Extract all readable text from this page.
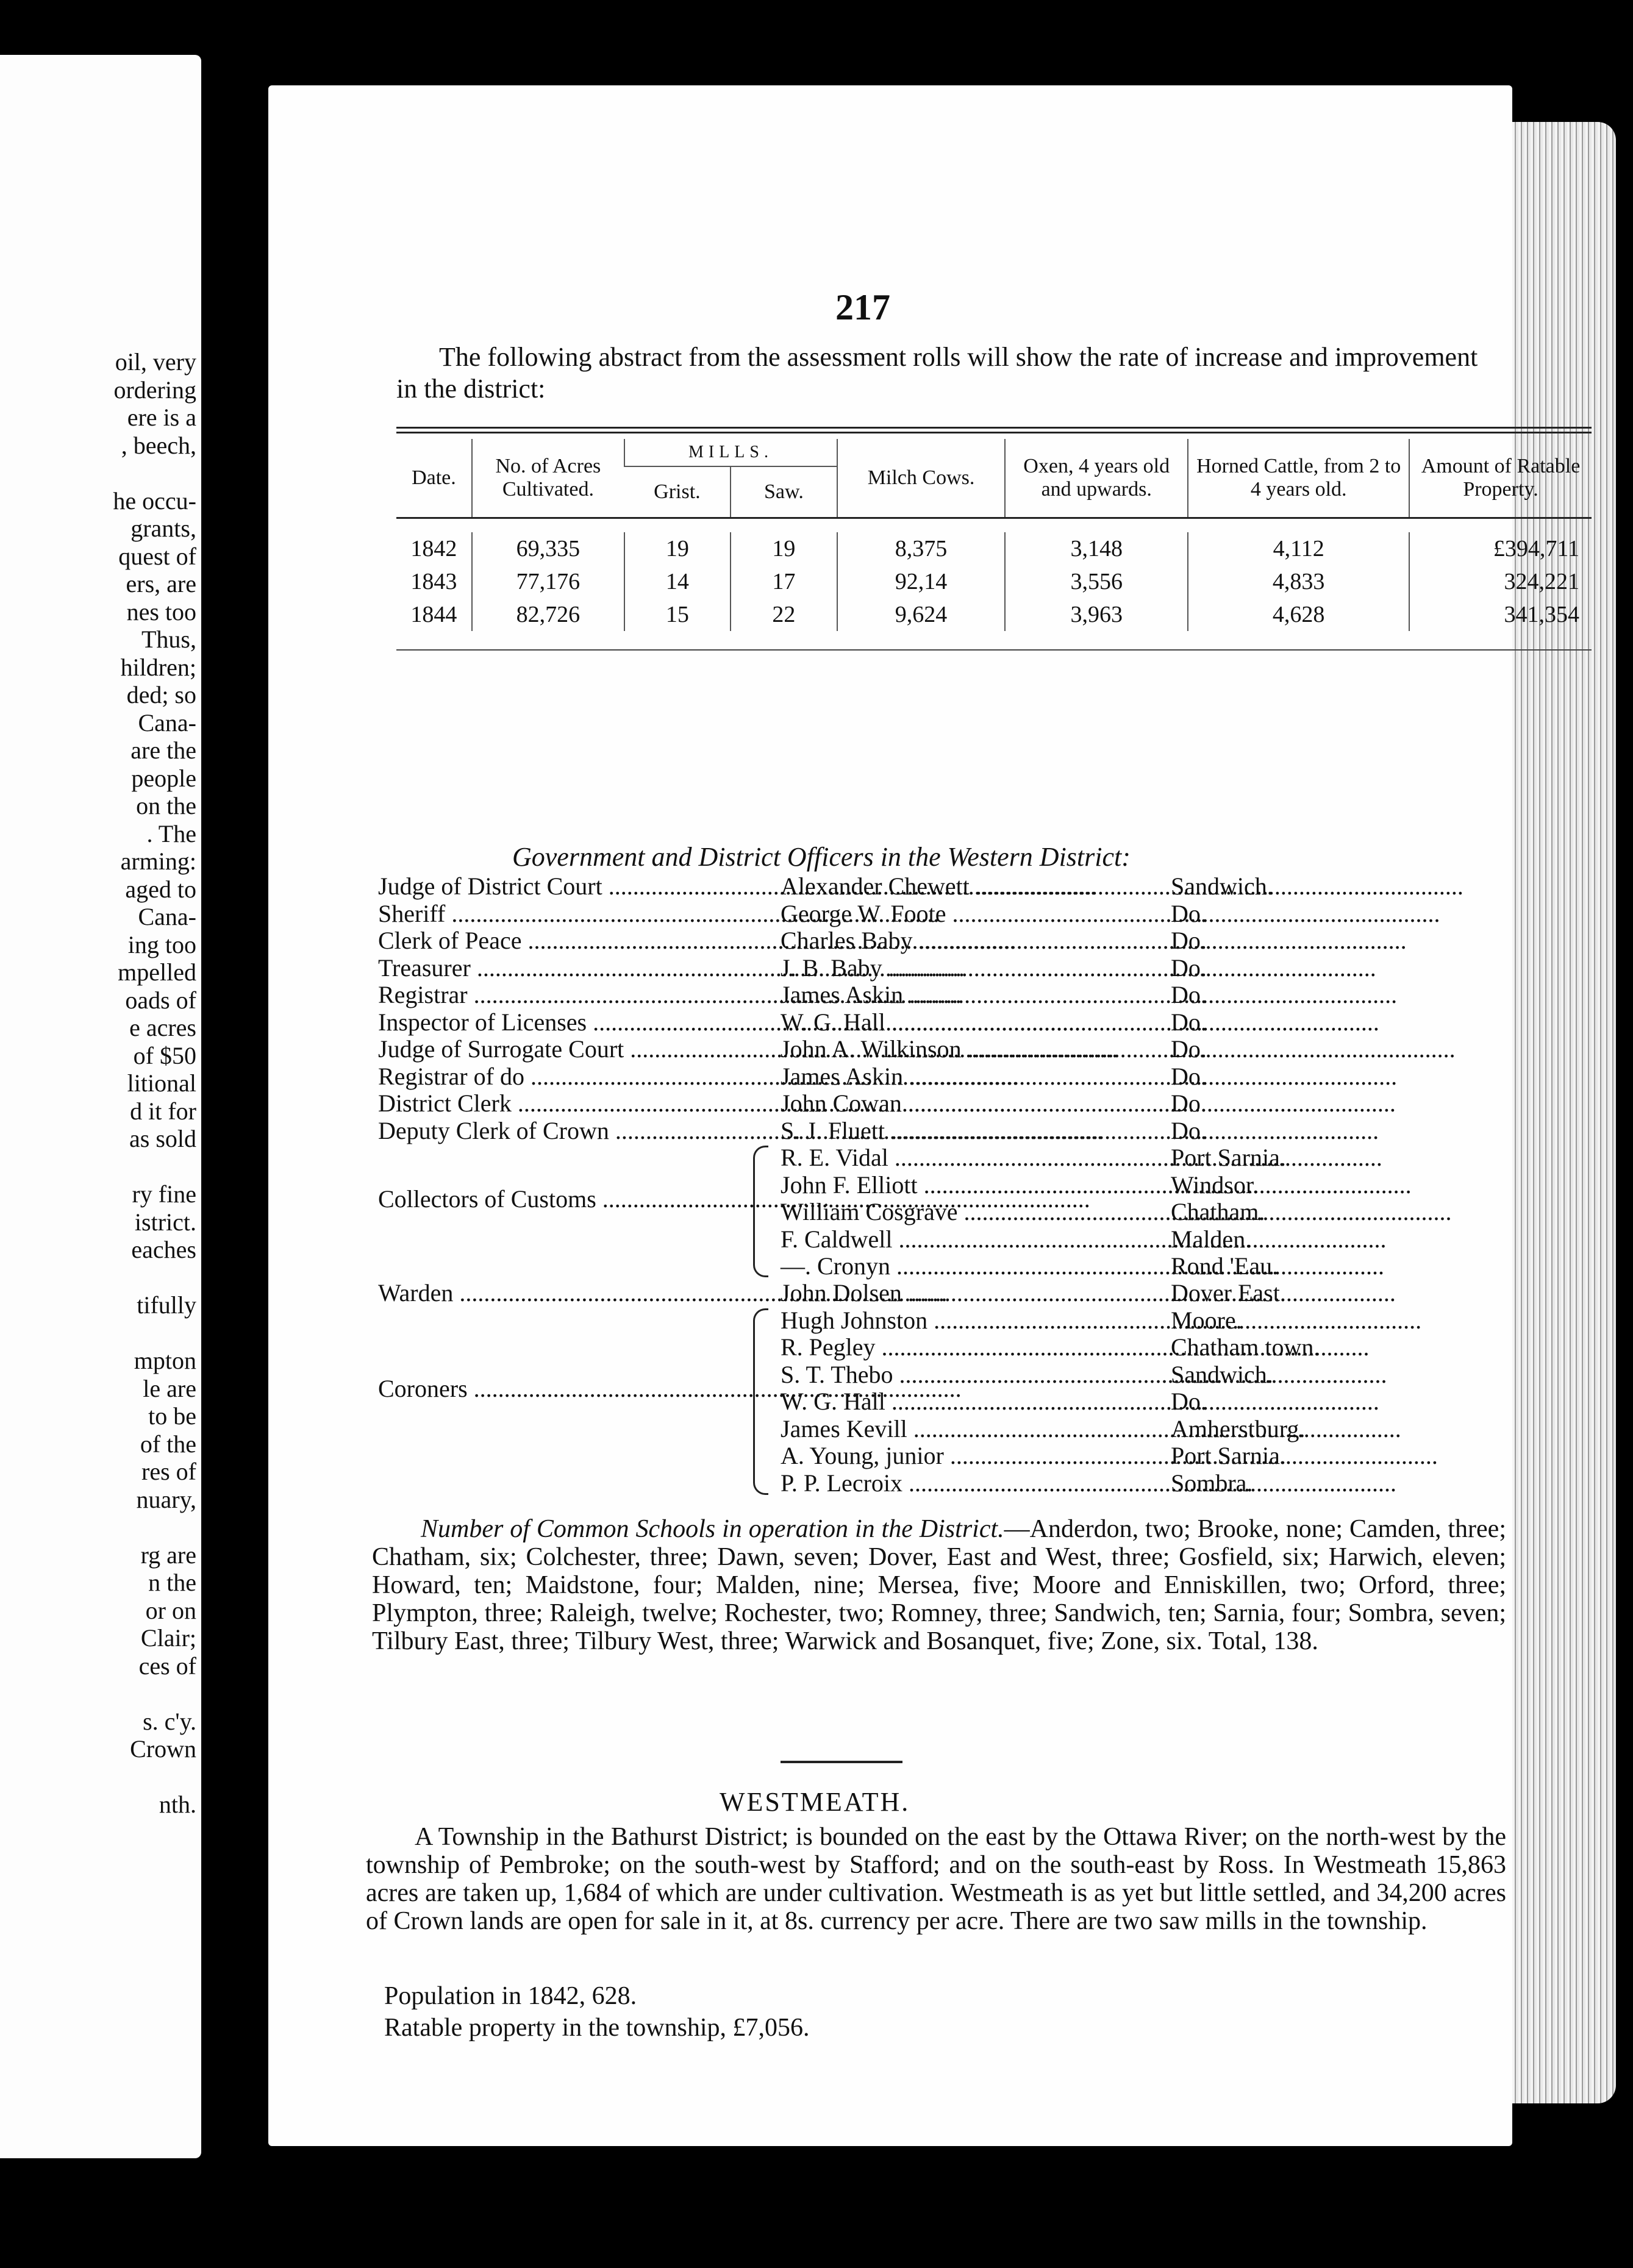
oil, very
ordering
ere is a
, beech,
he occu-
grants,
quest of
ers, are
nes too
Thus,
hildren;
ded; so
Cana-
are the
people
on the
. The
arming:
aged to
Cana-
ing too
mpelled
oads of
e acres
of $50
litional
d it for
as sold
ry fine
istrict.
eaches
tifully
mpton
le are
to be
of the
res of
nuary,
rg are
n the
or on
Clair;
ces of
s. c'y.
Crown
nth.
217
The following abstract from the assessment rolls will show the rate of increase and improvement in the district:
Date.	No. of Acres Cultivated.	MILLS.		Milch Cows.	Oxen, 4 years old and upwards.	Horned Cattle, from 2 to 4 years old.	Amount of Ratable Property.
		Grist.	Saw.				

1842	69,335	19	19	8,375	3,148	4,112	£394,711
1843	77,176	14	17	92,14	3,556	4,833	324,221
1844	82,726	15	22	9,624	3,963	4,628	341,354

Government and District Officers in the Western District:
Judge of District Court .....	Alexander Chewett .....	Sandwich.
Sheriff .....	George W. Foote .....	Do.
Clerk of Peace .....	Charles Baby .....	Do.
Treasurer .....	J. B. Baby .....	Do.
Registrar .....	James Askin .....	Do.
Inspector of Licenses .....	W. G. Hall .....	Do.
Judge of Surrogate Court .....	John A. Wilkinson .....	Do.
Registrar of do .....	James Askin .....	Do.
District Clerk .....	John Cowan .....	Do.
Deputy Clerk of Crown .....	S. J. Fluett .....	Do.
Collectors of Customs .....
R. E. Vidal .....	Port Sarnia.
John F. Elliott .....	Windsor.
William Cosgrave .....	Chatham.
F. Caldwell .....	Malden.
—. Cronyn .....	Rond 'Eau.
Warden .....	John Dolsen .....	Dover East.
Coroners .....
Hugh Johnston .....	Moore.
R. Pegley .....	Chatham town.
S. T. Thebo .....	Sandwich.
W. G. Hall .....	Do.
James Kevill .....	Amherstburg.
A. Young, junior .....	Port Sarnia.
P. P. Lecroix .....	Sombra.
Number of Common Schools in operation in the District.—Anderdon, two; Brooke, none; Camden, three; Chatham, six; Colchester, three; Dawn, seven; Dover, East and West, three; Gosfield, six; Harwich, eleven; Howard, ten; Maidstone, four; Malden, nine; Mersea, five; Moore and Enniskillen, two; Orford, three; Plympton, three; Raleigh, twelve; Rochester, two; Romney, three; Sandwich, ten; Sarnia, four; Sombra, seven; Tilbury East, three; Tilbury West, three; Warwick and Bosanquet, five; Zone, six. Total, 138.
WESTMEATH.
A Township in the Bathurst District; is bounded on the east by the Ottawa River; on the north-west by the township of Pembroke; on the south-west by Stafford; and on the south-east by Ross. In Westmeath 15,863 acres are taken up, 1,684 of which are under cultivation. Westmeath is as yet but little settled, and 34,200 acres of Crown lands are open for sale in it, at 8s. currency per acre. There are two saw mills in the township.
Population in 1842, 628.
Ratable property in the township, £7,056.
